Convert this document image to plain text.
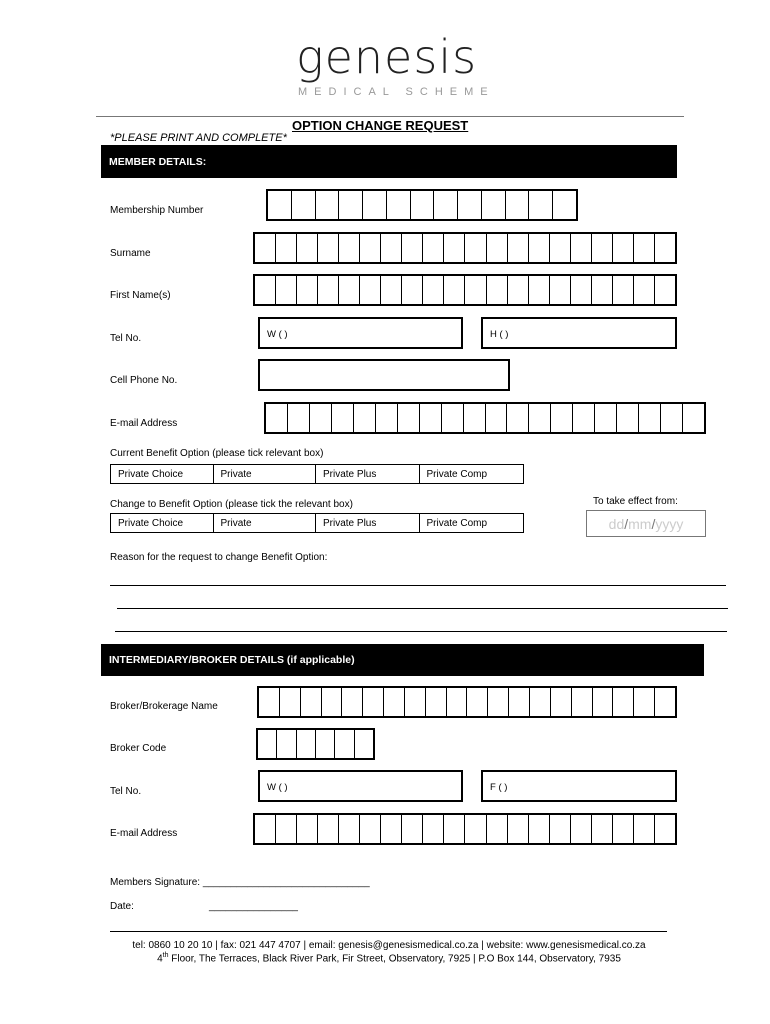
genesis
MEDICAL SCHEME
OPTION CHANGE REQUEST
*PLEASE PRINT AND COMPLETE*
MEMBER DETAILS:
Membership Number
Surname
First Name(s)
Tel No.	W ( )	H ( )
Cell Phone No.
E-mail Address
Current Benefit Option (please tick relevant box)
Private Choice	Private	Private Plus	Private Comp
Change to Benefit Option (please tick the relevant box)	To take effect from:
Private Choice	Private	Private Plus	Private Comp	dd / mm / yyyy
Reason for the request to change Benefit Option:
INTERMEDIARY/BROKER DETAILS (if applicable)
Broker/Brokerage Name
Broker Code
Tel No.	W ( )	F ( )
E-mail Address
Members Signature: ______________________________
Date:	________________
tel: 0860 10 20 10 | fax: 021 447 4707 | email: genesis@genesismedical.co.za | website: www.genesismedical.co.za
4th Floor, The Terraces, Black River Park, Fir Street, Observatory, 7925 | P.O Box 144, Observatory, 7935
